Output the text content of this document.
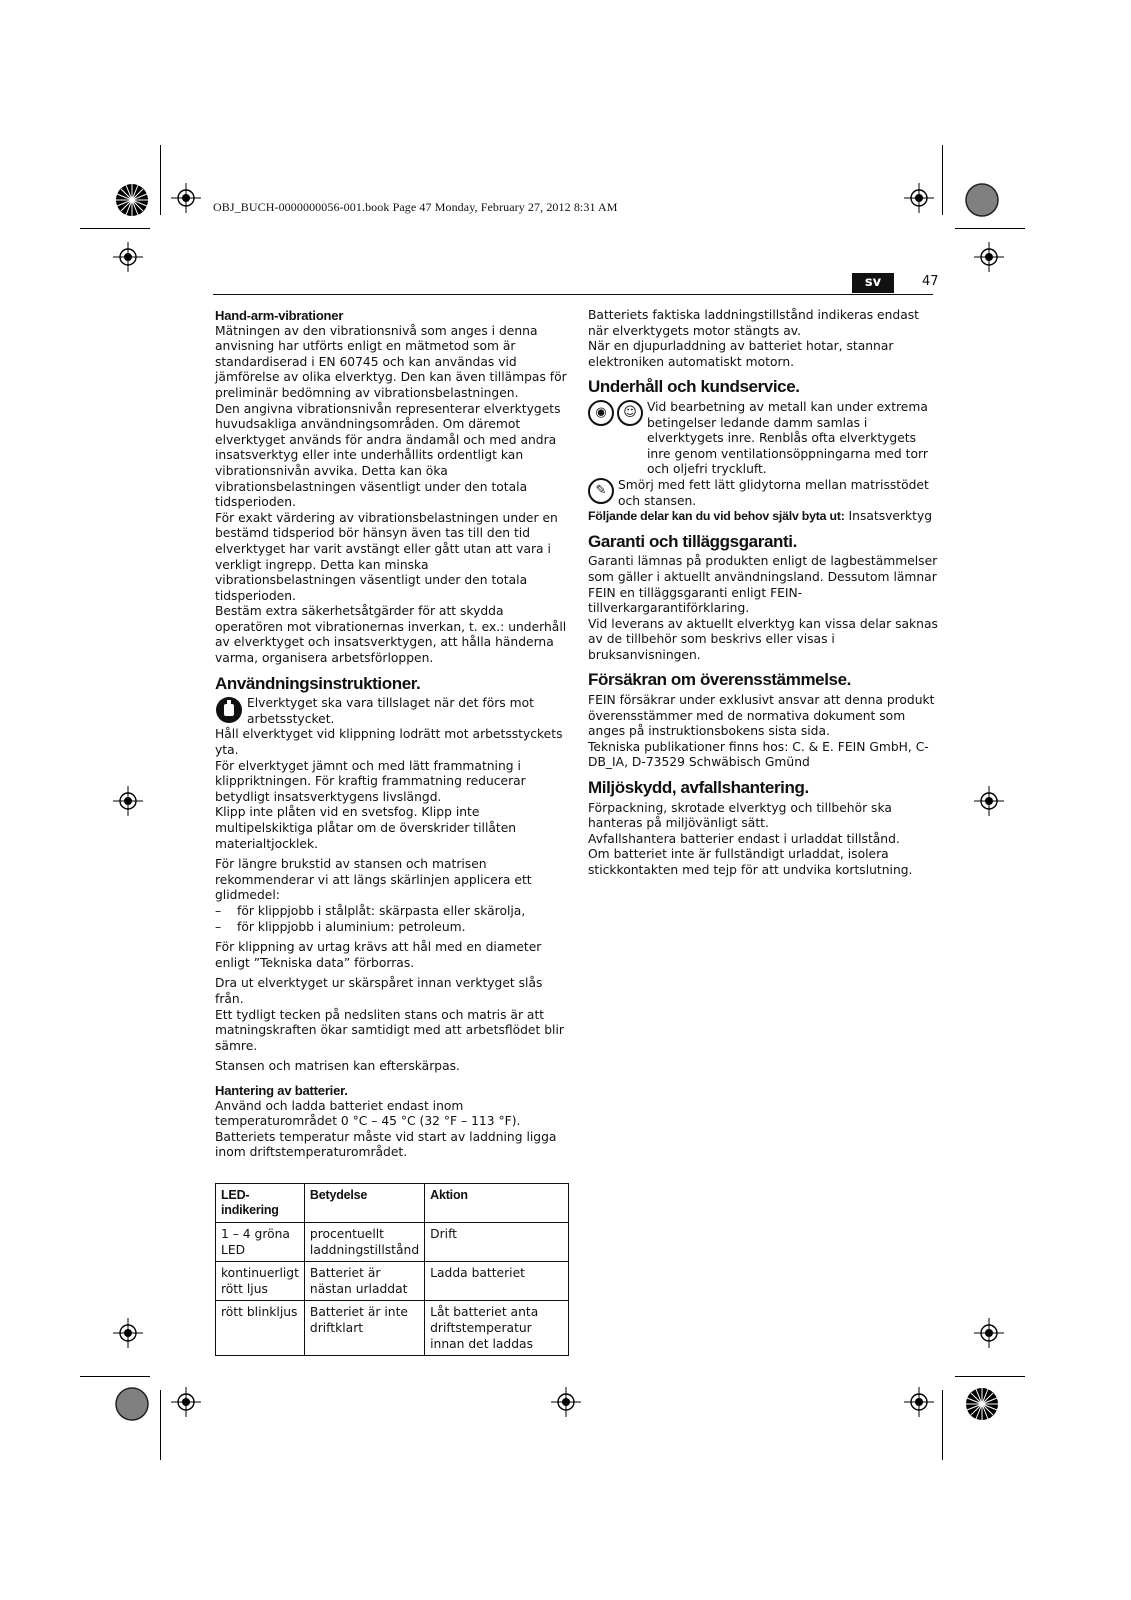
OBJ_BUCH-0000000056-001.book Page 47 Monday, February 27, 2012 8:31 AM
sv	47

Hand-arm-vibrationer

Mätningen av den vibrationsnivå som anges i denna anvisning har utförts enligt en mätmetod som är standardiserad i EN 60745 och kan användas vid jämförelse av olika elverktyg. Den kan även tillämpas för preliminär bedömning av vibrationsbelastningen.

Den angivna vibrationsnivån representerar elverktygets huvudsakliga användningsområden. Om däremot elverktyget används för andra ändamål och med andra insatsverktyg eller inte underhållits ordentligt kan vibrationsnivån avvika. Detta kan öka vibrationsbelastningen väsentligt under den totala tidsperioden.

För exakt värdering av vibrationsbelastningen under en bestämd tidsperiod bör hänsyn även tas till den tid elverktyget har varit avstängt eller gått utan att vara i verkligt ingrepp. Detta kan minska vibrationsbelastningen väsentligt under den totala tidsperioden.

Bestäm extra säkerhetsåtgärder för att skydda operatören mot vibrationernas inverkan, t. ex.: underhåll av elverktyget och insatsverktygen, att hålla händerna varma, organisera arbetsförloppen.

Användningsinstruktioner.

Elverktyget ska vara tillslaget när det förs mot arbetsstycket.

Håll elverktyget vid klippning lodrätt mot arbetsstyckets yta.

För elverktyget jämnt och med lätt frammatning i klippriktningen. För kraftig frammatning reducerar betydligt insatsverktygens livslängd.

Klipp inte plåten vid en svetsfog. Klipp inte multipelskiktiga plåtar om de överskrider tillåten materialtjocklek.

För längre brukstid av stansen och matrisen rekommenderar vi att längs skärlinjen applicera ett glidmedel:

–	för klippjobb i stålplåt: skärpasta eller skärolja,
–	för klippjobb i aluminium: petroleum.

För klippning av urtag krävs att hål med en diameter enligt ”Tekniska data” förborras.

Dra ut elverktyget ur skärspåret innan verktyget slås från.

Ett tydligt tecken på nedsliten stans och matris är att matningskraften ökar samtidigt med att arbetsflödet blir sämre.

Stansen och matrisen kan efterskärpas.

Hantering av batterier.

Använd och ladda batteriet endast inom temperaturområdet 0 °C – 45 °C (32 °F – 113 °F). Batteriets temperatur måste vid start av laddning ligga inom driftstemperaturområdet.

LED-indikering	Betydelse	Aktion
1 – 4 gröna LED	procentuellt laddningstillstånd	Drift
kontinuerligt rött ljus	Batteriet är nästan urladdat	Ladda batteriet
rött blinkljus	Batteriet är inte driftklart	Låt batteriet anta driftstemperatur innan det laddas

Batteriets faktiska laddningstillstånd indikeras endast när elverktygets motor stängts av.

När en djupurladdning av batteriet hotar, stannar elektroniken automatiskt motorn.

Underhåll och kundservice.
◉	☺ Vid bearbetning av metall kan under extrema betingelser ledande damm samlas i elverktygets inre. Renblås ofta elverktygets inre genom ventilationsöppningarna med torr och oljefri tryckluft.

✎ Smörj med fett lätt glidytorna mellan matrisstödet och stansen.

Följande delar kan du vid behov själv byta ut: Insatsverktyg

Garanti och tilläggsgaranti.

Garanti lämnas på produkten enligt de lagbestämmelser som gäller i aktuellt användningsland. Dessutom lämnar FEIN en tilläggsgaranti enligt FEIN-tillverkargarantiförklaring.

Vid leverans av aktuellt elverktyg kan vissa delar saknas av de tillbehör som beskrivs eller visas i bruksanvisningen.

Försäkran om överensstämmelse.

FEIN försäkrar under exklusivt ansvar att denna produkt överensstämmer med de normativa dokument som anges på instruktionsbokens sista sida.

Tekniska publikationer finns hos: C. & E. FEIN GmbH, C-DB_IA, D-73529 Schwäbisch Gmünd

Miljöskydd, avfallshantering.

Förpackning, skrotade elverktyg och tillbehör ska hanteras på miljövänligt sätt.

Avfallshantera batterier endast i urladdat tillstånd.

Om batteriet inte är fullständigt urladdat, isolera stickkontakten med tejp för att undvika kortslutning.
